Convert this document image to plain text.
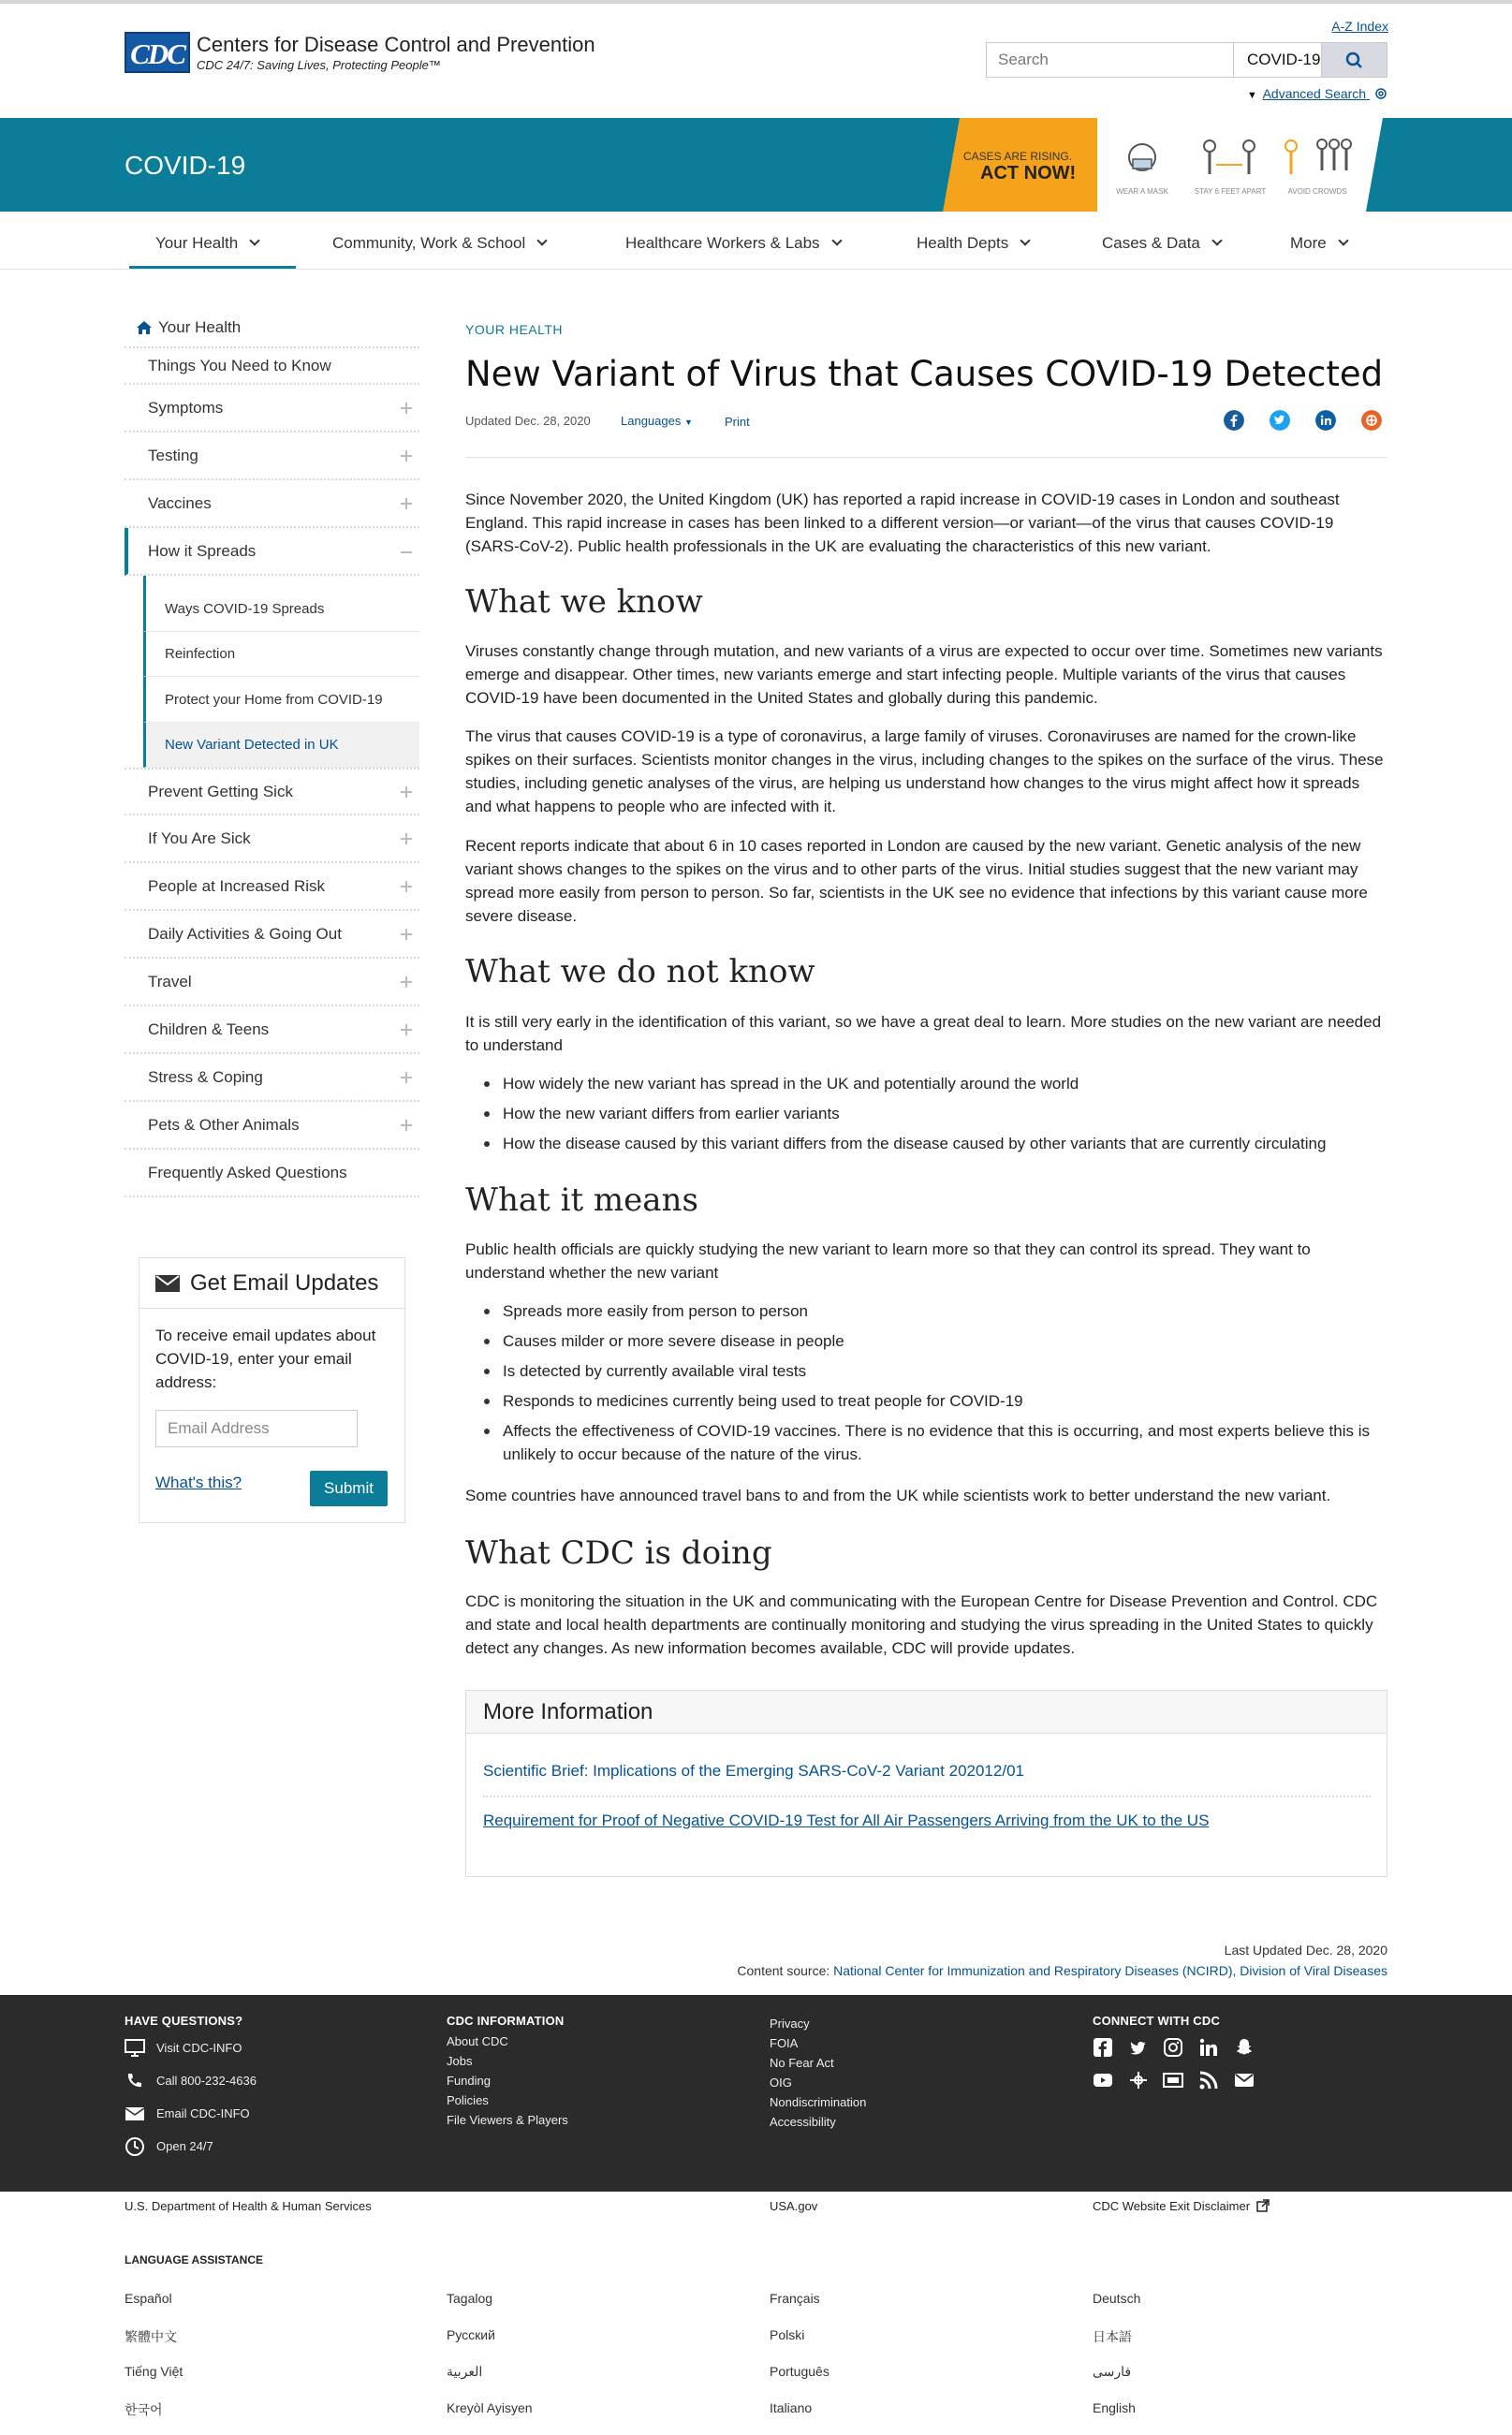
CDC Centers for Disease Control and Prevention
CDC 24/7: Saving Lives, Protecting People™
A-Z Index
Search	COVID-19 ▼ Advanced Search
COVID-19	CASES ARE RISING.
ACT NOW!
WEAR A MASK	STAY 6 FEET APART	AVOID CROWDS
Your Health	Community, Work & School	Healthcare Workers & Labs	Health Depts	Cases & Data	More
Your Health
Things You Need to Know
Symptoms
Testing
Vaccines
How it Spreads
Ways COVID-19 Spreads
Reinfection
Protect your Home from COVID-19
New Variant Detected in UK
Prevent Getting Sick
If You Are Sick
People at Increased Risk
Daily Activities & Going Out
Travel
Children & Teens
Stress & Coping
Pets & Other Animals
Frequently Asked Questions
Get Email Updates
To receive email updates about COVID-19, enter your email address:
Email Address
What's this?	Submit
YOUR HEALTH
New Variant of Virus that Causes COVID-19 Detected
Updated Dec. 28, 2020 Languages ▼	Print

Since November 2020, the United Kingdom (UK) has reported a rapid increase in COVID-19 cases in London and southeast England. This rapid increase in cases has been linked to a different version—or variant—of the virus that causes COVID-19 (SARS-CoV-2). Public health professionals in the UK are evaluating the characteristics of this new variant.

What we know

Viruses constantly change through mutation, and new variants of a virus are expected to occur over time. Sometimes new variants emerge and disappear. Other times, new variants emerge and start infecting people. Multiple variants of the virus that causes COVID-19 have been documented in the United States and globally during this pandemic.

The virus that causes COVID-19 is a type of coronavirus, a large family of viruses. Coronaviruses are named for the crown-like spikes on their surfaces. Scientists monitor changes in the virus, including changes to the spikes on the surface of the virus. These studies, including genetic analyses of the virus, are helping us understand how changes to the virus might affect how it spreads and what happens to people who are infected with it.

Recent reports indicate that about 6 in 10 cases reported in London are caused by the new variant. Genetic analysis of the new variant shows changes to the spikes on the virus and to other parts of the virus. Initial studies suggest that the new variant may spread more easily from person to person. So far, scientists in the UK see no evidence that infections by this variant cause more severe disease.

What we do not know

It is still very early in the identification of this variant, so we have a great deal to learn. More studies on the new variant are needed to understand

How widely the new variant has spread in the UK and potentially around the world
How the new variant differs from earlier variants
How the disease caused by this variant differs from the disease caused by other variants that are currently circulating
What it means

Public health officials are quickly studying the new variant to learn more so that they can control its spread. They want to understand whether the new variant

Spreads more easily from person to person
Causes milder or more severe disease in people
Is detected by currently available viral tests
Responds to medicines currently being used to treat people for COVID-19
Affects the effectiveness of COVID-19 vaccines. There is no evidence that this is occurring, and most experts believe this is unlikely to occur because of the nature of the virus.

Some countries have announced travel bans to and from the UK while scientists work to better understand the new variant.

What CDC is doing

CDC is monitoring the situation in the UK and communicating with the European Centre for Disease Prevention and Control. CDC and state and local health departments are continually monitoring and studying the virus spreading in the United States to quickly detect any changes. As new information becomes available, CDC will provide updates.

More Information
Scientific Brief: Implications of the Emerging SARS-CoV-2 Variant 202012/01
Requirement for Proof of Negative COVID-19 Test for All Air Passengers Arriving from the UK to the US
Last Updated Dec. 28, 2020
Content source: National Center for Immunization and Respiratory Diseases (NCIRD), Division of Viral Diseases
HAVE QUESTIONS?
Visit CDC-INFO
Call 800-232-4636
Email CDC-INFO
Open 24/7
CDC INFORMATION
About CDC
Jobs
Funding
Policies
File Viewers & Players
Privacy
FOIA
No Fear Act
OIG
Nondiscrimination
Accessibility
CONNECT WITH CDC

U.S. Department of Health & Human Services	USA.gov	CDC Website Exit Disclaimer
LANGUAGE ASSISTANCE
Español	Tagalog	Français	Deutsch
繁體中文	Русский	Polski	日本語
Tiếng Việt	العربية	Português	فارسی
한국어	Kreyòl Ayisyen	Italiano	English
